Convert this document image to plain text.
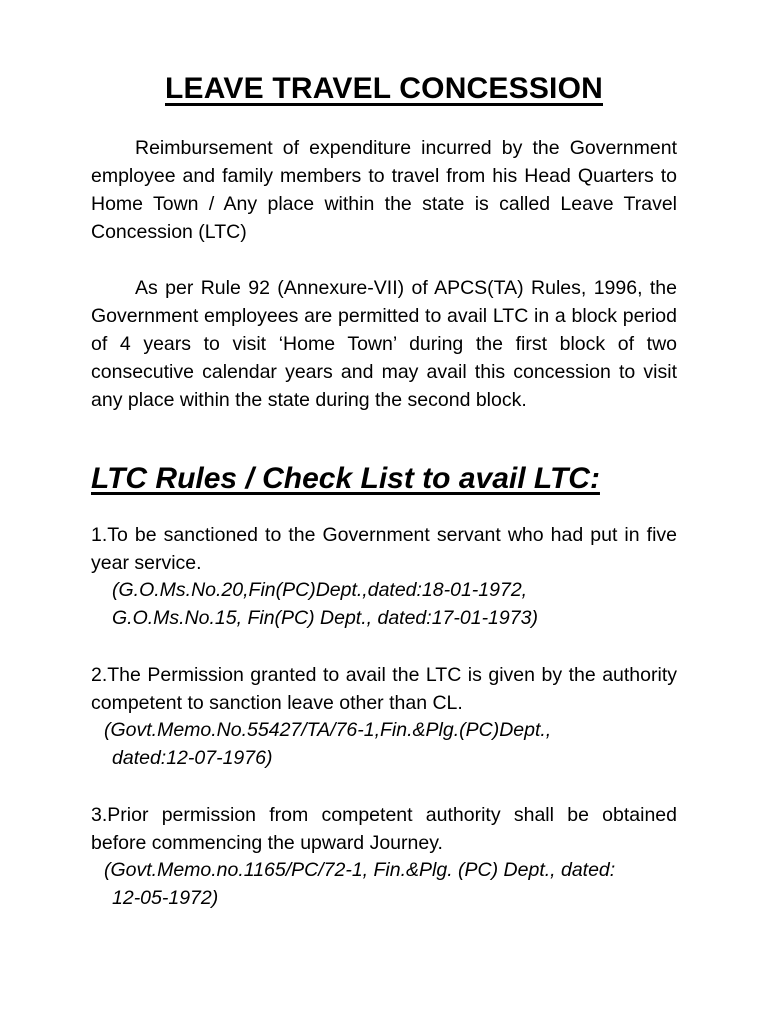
LEAVE TRAVEL CONCESSION

Reimbursement of expenditure incurred by the Government employee and family members to travel from his Head Quarters to Home Town / Any place within the state is called Leave Travel Concession (LTC)

As per Rule 92 (Annexure-VII) of APCS(TA) Rules, 1996, the Government employees are permitted to avail LTC in a block period of 4 years to visit ‘Home Town’ during the first block of two consecutive calendar years and may avail this concession to visit any place within the state during the second block.

LTC Rules / Check List to avail LTC:

1.To be sanctioned to the Government servant who had put in five year service.

(G.O.Ms.No.20,Fin(PC)Dept.,dated:18-01-1972,
G.O.Ms.No.15, Fin(PC) Dept., dated:17-01-1973)

2.The Permission granted to avail the LTC is given by the authority competent to sanction leave other than CL.

(Govt.Memo.No.55427/TA/76-1,Fin.&Plg.(PC)Dept.,
dated:12-07-1976)

3.Prior permission from competent authority shall be obtained before commencing the upward Journey.

(Govt.Memo.no.1165/PC/72-1, Fin.&Plg. (PC) Dept., dated:
12-05-1972)
